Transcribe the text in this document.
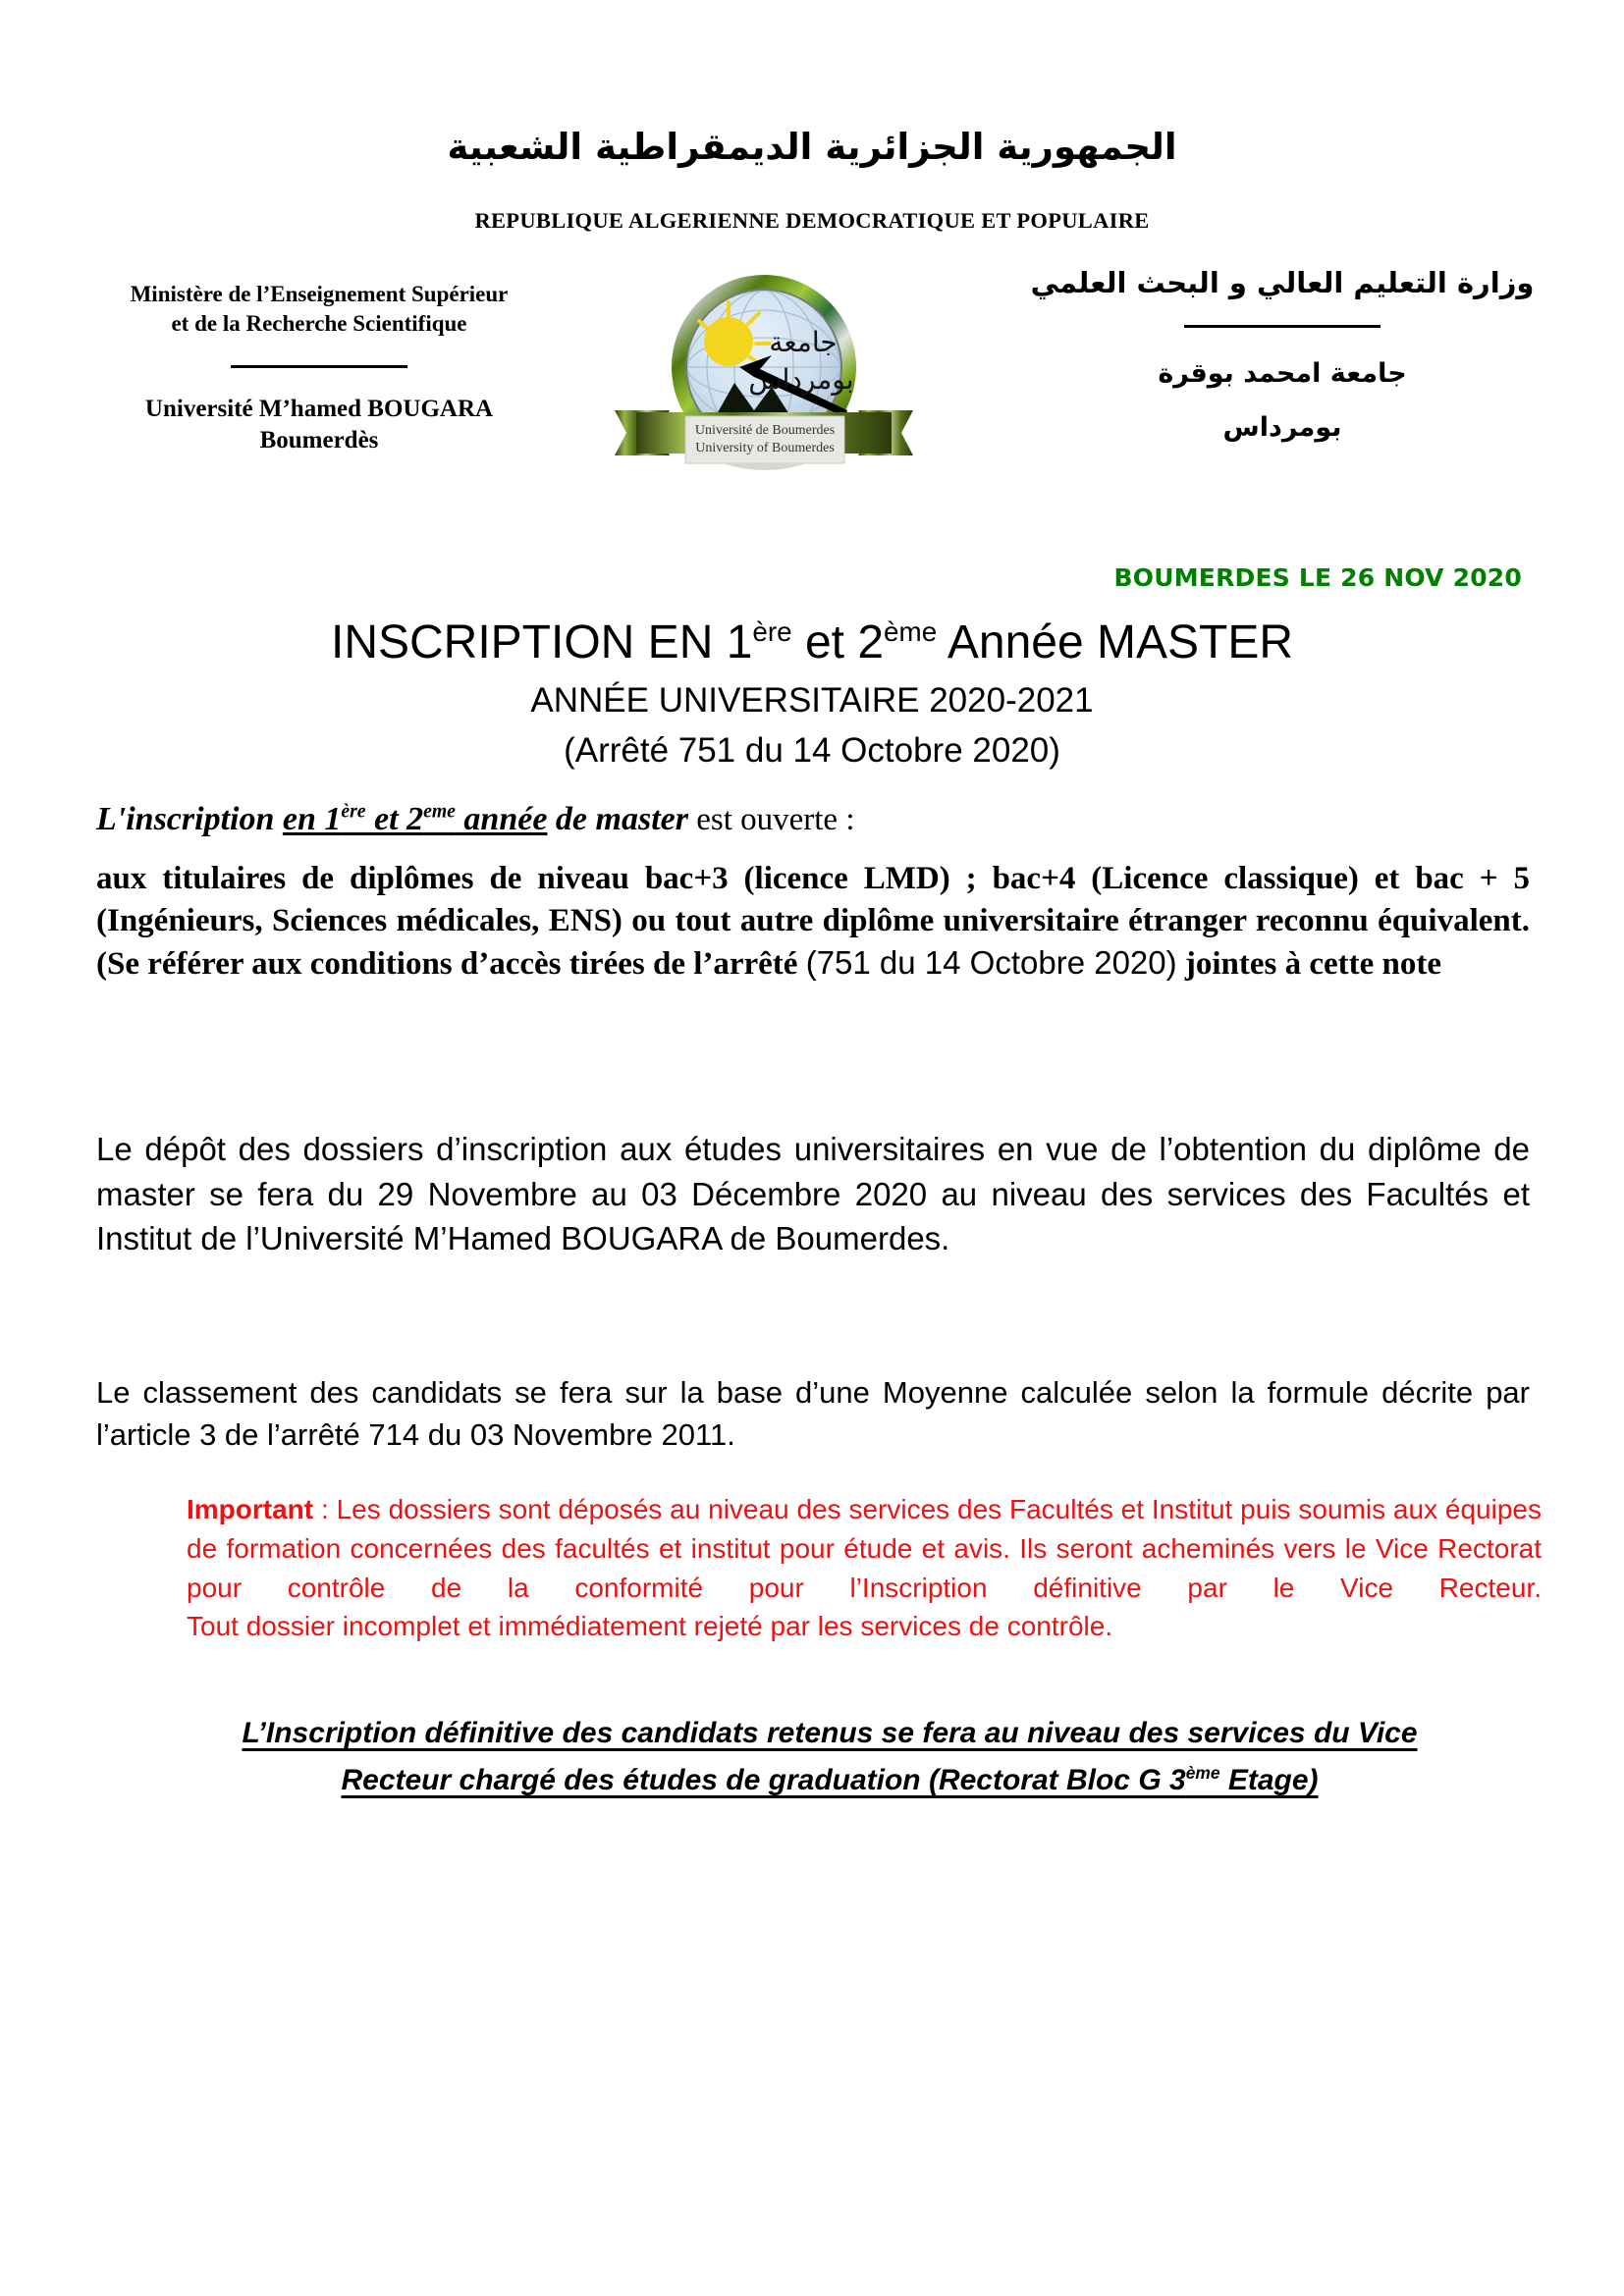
الجمهورية الجزائرية الديمقراطية الشعبية
REPUBLIQUE ALGERIENNE DEMOCRATIQUE ET POPULAIRE
Ministère de l’Enseignement Supérieur
et de la Recherche Scientifique
Université M’hamed BOUGARA
Boumerdès
وزارة التعليم العالي و البحث العلمي
جامعة امحمد بوقرة
بومرداس
جامعة
بومرداس
Université de Boumerdes
University of Boumerdes
BOUMERDES LE 26 NOV 2020
INSCRIPTION EN 1ère et 2ème Année MASTER
ANNÉE UNIVERSITAIRE 2020-2021
(Arrêté 751 du 14 Octobre 2020)
L'inscription en 1ère et 2eme année de master est ouverte :
aux titulaires de diplômes de niveau bac+3 (licence LMD) ; bac+4 (Licence classique) et bac + 5 (Ingénieurs, Sciences médicales, ENS) ou tout autre diplôme universitaire étranger reconnu équivalent. (Se référer aux conditions d’accès tirées de l’arrêté (751 du 14 Octobre 2020) jointes à cette note
Le dépôt des dossiers d’inscription aux études universitaires en vue de l’obtention du diplôme de master se fera du 29 Novembre au 03 Décembre 2020 au niveau des services des Facultés et Institut de l’Université M’Hamed BOUGARA de Boumerdes.
Le classement des candidats se fera sur la base d’une Moyenne calculée selon la formule décrite par l’article 3 de l’arrêté 714 du 03 Novembre 2011.
Important : Les dossiers sont déposés au niveau des services des Facultés et Institut puis soumis aux équipes de formation concernées des facultés et institut pour étude et avis. Ils seront acheminés vers le Vice Rectorat pour contrôle de la conformité pour l’Inscription définitive par le Vice Recteur.
Tout dossier incomplet et immédiatement rejeté par les services de contrôle.
L’Inscription définitive des candidats retenus se fera au niveau des services du Vice
Recteur chargé des études de graduation (Rectorat Bloc G 3ème Etage)
